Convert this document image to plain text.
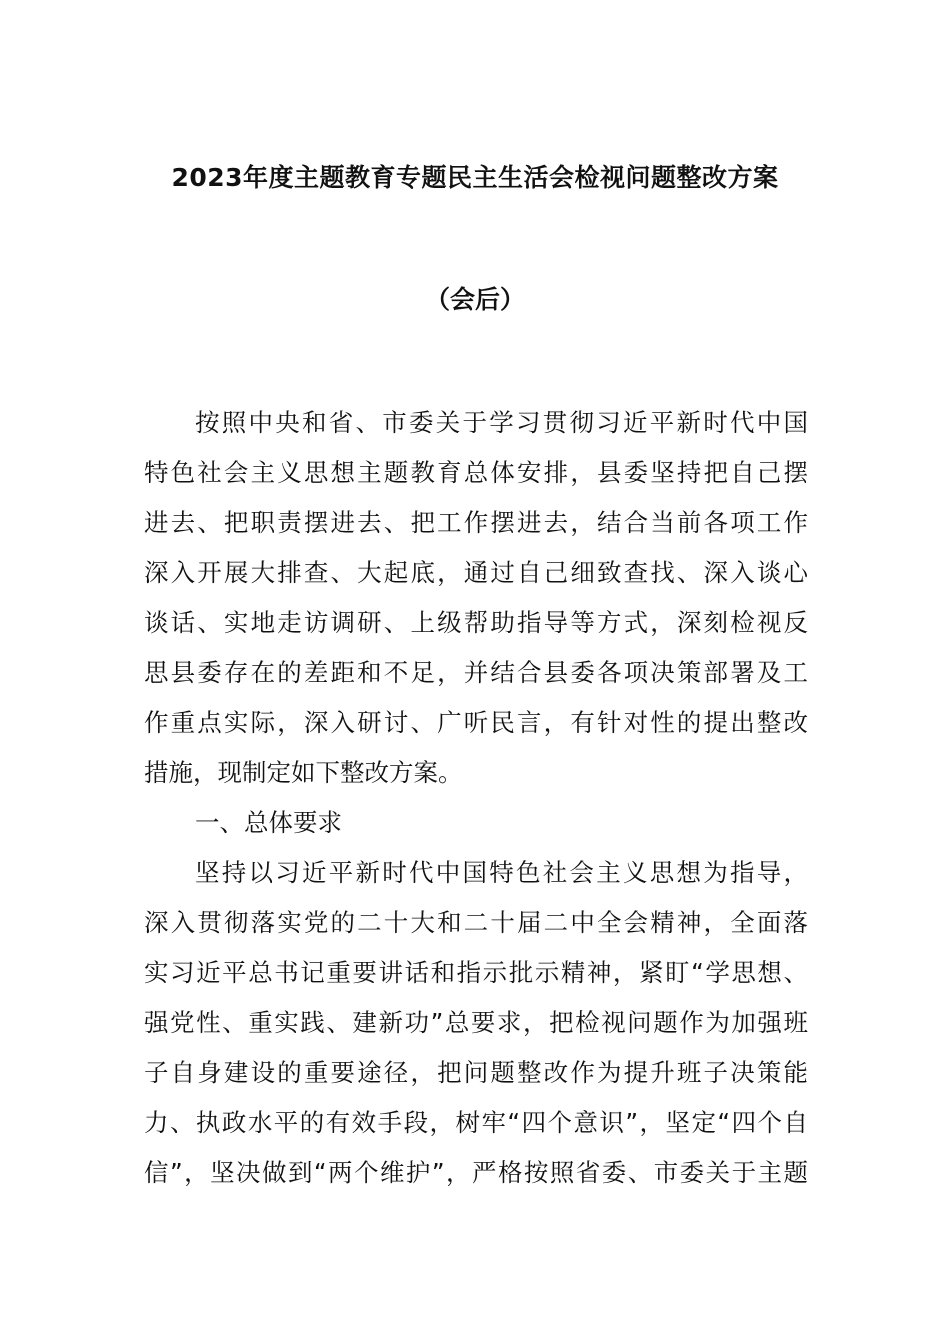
2023年度主题教育专题民主生活会检视问题整改方案
（会后）
按照中央和省、市委关于学习贯彻习近平新时代中国
特色社会主义思想主题教育总体安排，县委坚持把自己摆
进去、把职责摆进去、把工作摆进去，结合当前各项工作
深入开展大排查、大起底，通过自己细致查找、深入谈心
谈话、实地走访调研、上级帮助指导等方式，深刻检视反
思县委存在的差距和不足，并结合县委各项决策部署及工
作重点实际，深入研讨、广听民言，有针对性的提出整改
措施，现制定如下整改方案。
一、总体要求
坚持以习近平新时代中国特色社会主义思想为指导，
深入贯彻落实党的二十大和二十届二中全会精神，全面落
实习近平总书记重要讲话和指示批示精神，紧盯“学思想、
强党性、重实践、建新功”总要求，把检视问题作为加强班
子自身建设的重要途径，把问题整改作为提升班子决策能
力、执政水平的有效手段，树牢“四个意识”，坚定“四个自
信”，坚决做到“两个维护”，严格按照省委、市委关于主题
